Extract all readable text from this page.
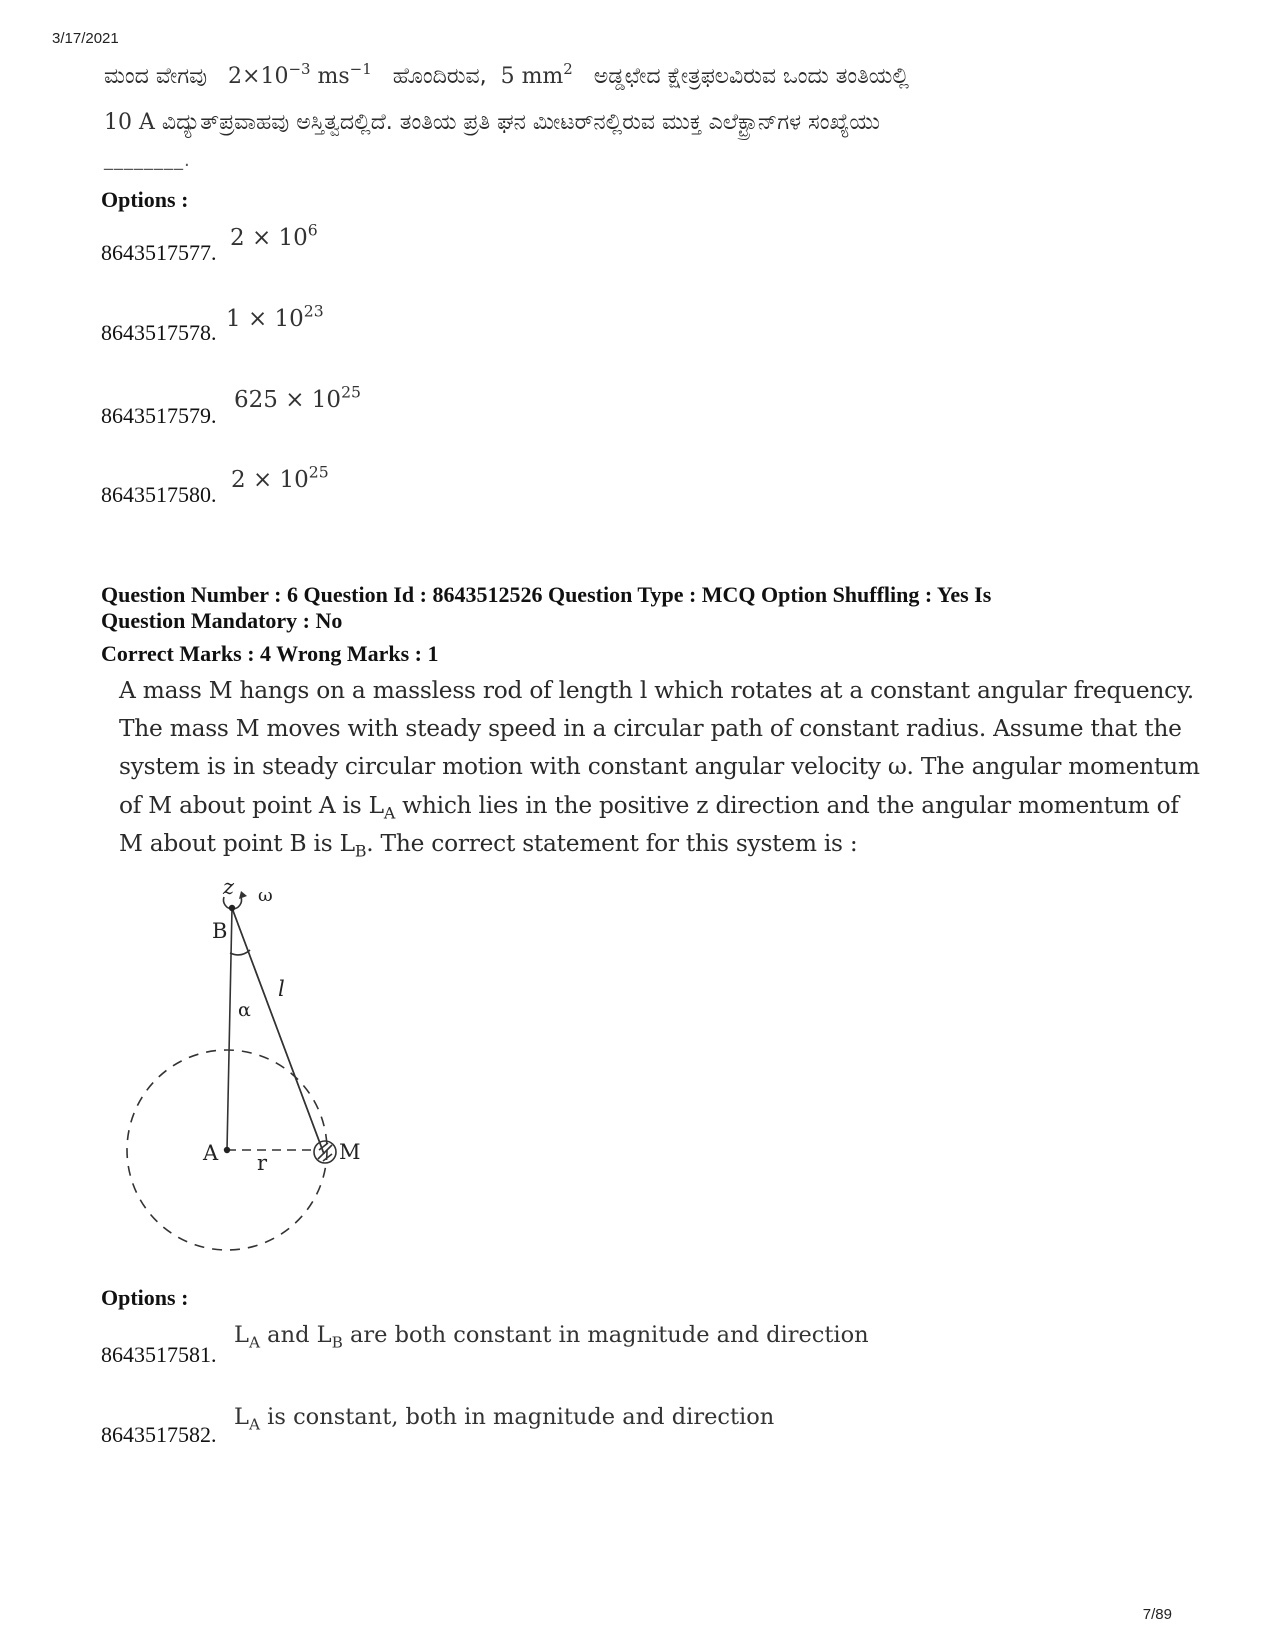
3/17/2021
ಮಂದ ವೇಗವು $2\times 10^{-3}$ $ms^{-1}$ ಹೊಂದಿರುವ, 5 $mm^2$ ಅಡ್ಡಛೇದ ಕ್ಷೇತ್ರಫಲವಿರುವ ಒಂದು ತಂತಿಯಲ್ಲಿ
10 A ವಿದ್ಯುತ್‌ಪ್ರವಾಹವು ಅಸ್ತಿತ್ವದಲ್ಲಿದೆ. ತಂತಿಯ ಪ್ರತಿ ಘನ ಮೀಟರ್‌ನಲ್ಲಿರುವ ಮುಕ್ತ ಎಲೆಕ್ಟ್ರಾನ್‌ಗಳ ಸಂಖ್ಯೆಯು
________.
Options :
8643517577.
$2 \times 10^6$
8643517578.
$1 \times 10^{23}$
8643517579.
$625 \times 10^{25}$
8643517580.
$2 \times 10^{25}$
Question Number : 6 Question Id : 8643512526 Question Type : MCQ Option Shuffling : Yes Is
Question Mandatory : No
Correct Marks : 4 Wrong Marks : 1

A mass M hangs on a massless rod of length l which rotates at a constant angular frequency.

The mass M moves with steady speed in a circular path of constant radius. Assume that the

system is in steady circular motion with constant angular velocity ω. The angular momentum

of M about point A is $L_A$ which lies in the positive z direction and the angular momentum of

M about point B is $L_B$. The correct statement for this system is :

z ω
B
α
l
A r	M
Options :
8643517581.
$L_A$ and $L_B$ are both constant in magnitude and direction
8643517582.
$L_A$ is constant, both in magnitude and direction
7/89
